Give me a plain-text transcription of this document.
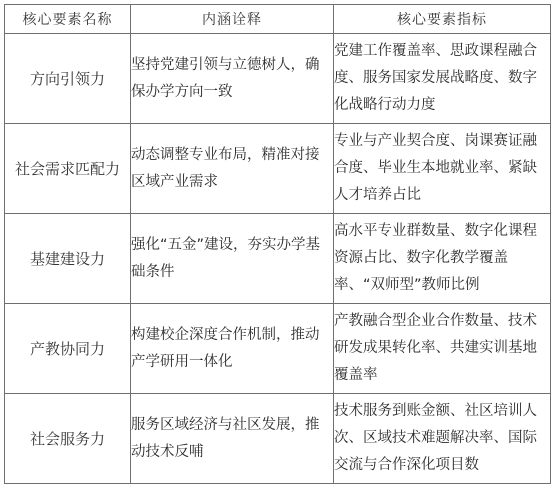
核心要素名称	内涵诠释	核心要素指标
方向引领力	坚持党建引领与立德树人，确保办学方向一致	党建工作覆盖率、思政课程融合度、服务国家发展战略度、数字化战略行动力度
社会需求匹配力	动态调整专业布局，精准对接区域产业需求	专业与产业契合度、岗课赛证融合度、毕业生本地就业率、紧缺人才培养占比
基建建设力	强化“五金”建设，夯实办学基础条件	高水平专业群数量、数字化课程资源占比、数字化教学覆盖率、“双师型”教师比例
产教协同力	构建校企深度合作机制，推动产学研用一体化	产教融合型企业合作数量、技术研发成果转化率、共建实训基地覆盖率
社会服务力	服务区域经济与社区发展，推动技术反哺	技术服务到账金额、社区培训人次、区域技术难题解决率、国际交流与合作深化项目数
